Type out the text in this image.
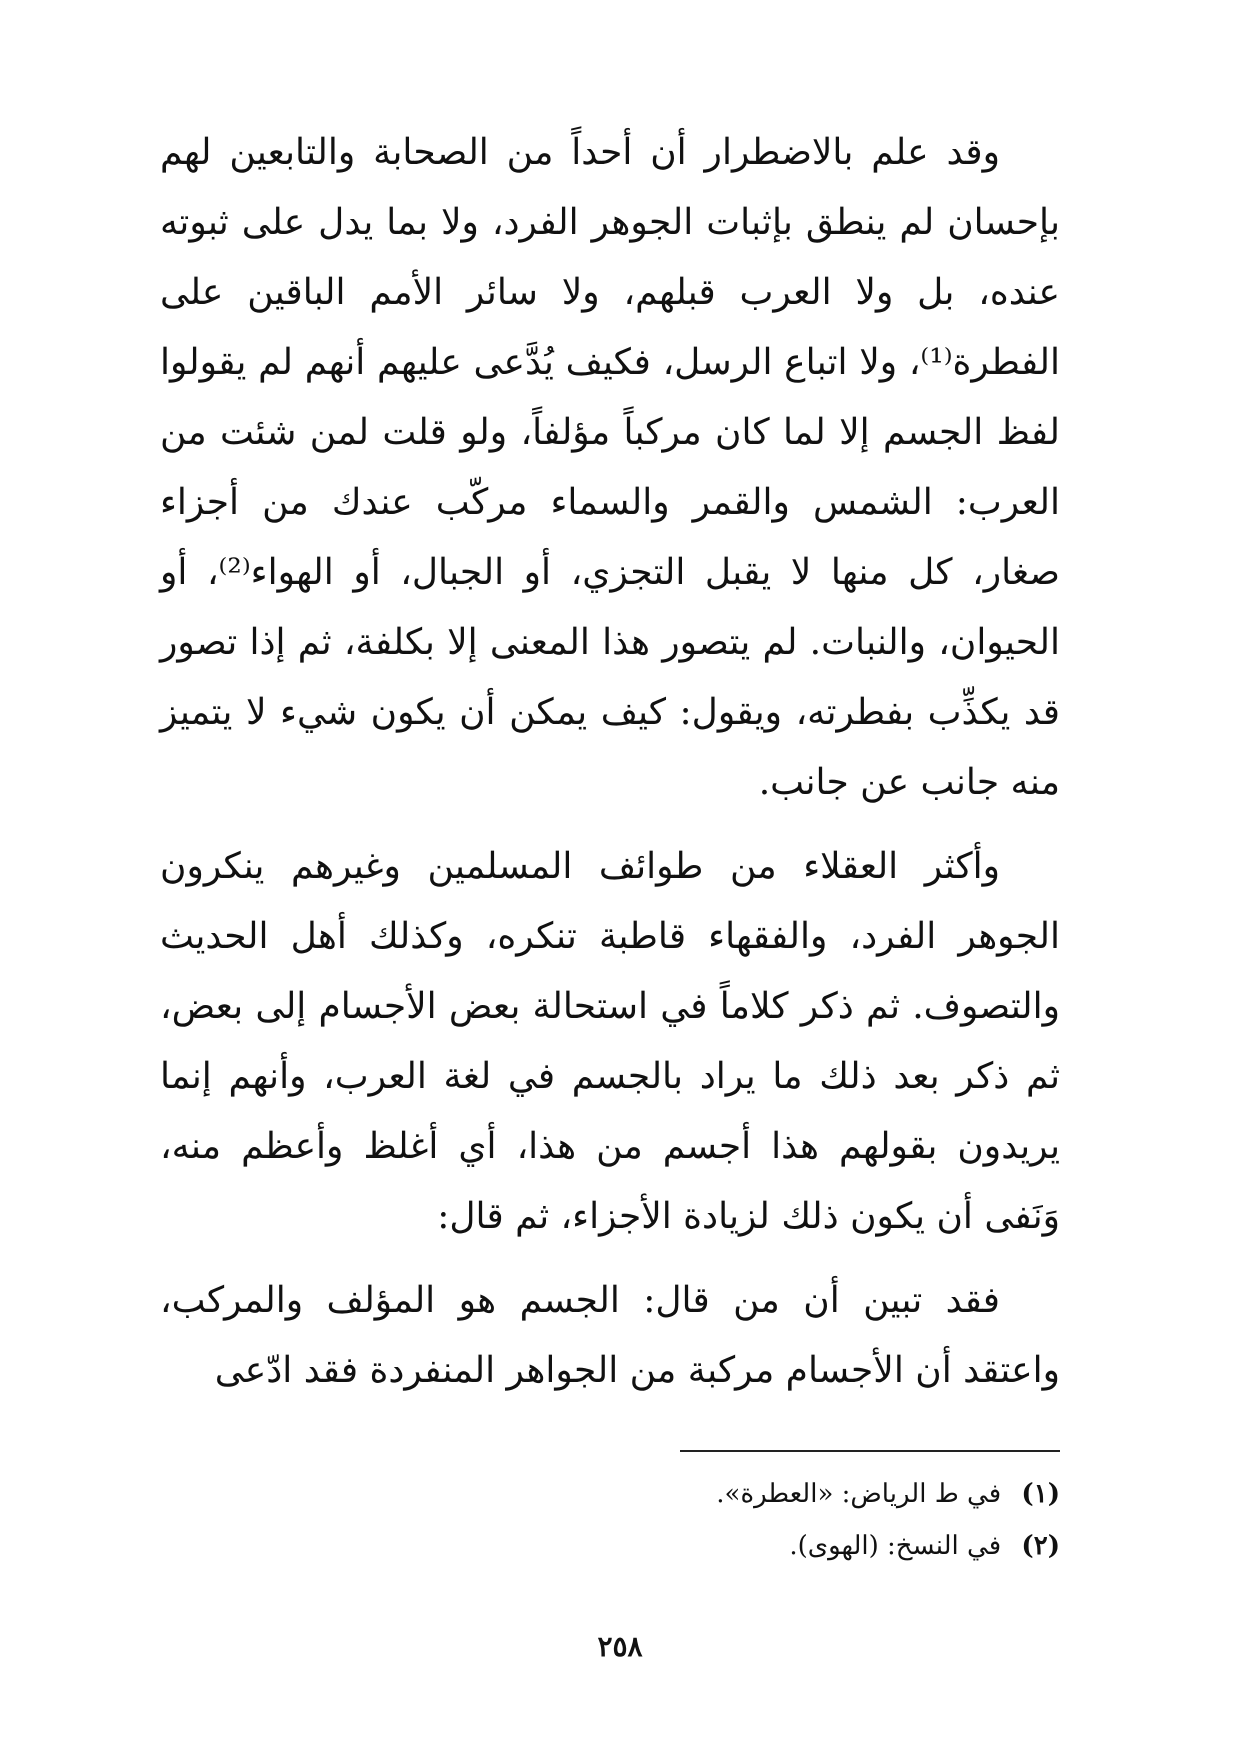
وقد علم بالاضطرار أن أحداً من الصحابة والتابعين لهم بإحسان لم ينطق بإثبات الجوهر الفرد، ولا بما يدل على ثبوته عنده، بل ولا العرب قبلهم، ولا سائر الأمم الباقين على الفطرة⁽¹⁾، ولا اتباع الرسل، فكيف يُدَّعى عليهم أنهم لم يقولوا لفظ الجسم إلا لما كان مركباً مؤلفاً، ولو قلت لمن شئت من العرب: الشمس والقمر والسماء مركّب عندك من أجزاء صغار، كل منها لا يقبل التجزي، أو الجبال، أو الهواء⁽²⁾، أو الحيوان، والنبات. لم يتصور هذا المعنى إلا بكلفة، ثم إذا تصور قد يكذِّب بفطرته، ويقول: كيف يمكن أن يكون شيء لا يتميز منه جانب عن جانب.

وأكثر العقلاء من طوائف المسلمين وغيرهم ينكرون الجوهر الفرد، والفقهاء قاطبة تنكره، وكذلك أهل الحديث والتصوف. ثم ذكر كلاماً في استحالة بعض الأجسام إلى بعض، ثم ذكر بعد ذلك ما يراد بالجسم في لغة العرب، وأنهم إنما يريدون بقولهم هذا أجسم من هذا، أي أغلظ وأعظم منه، وَنَفى أن يكون ذلك لزيادة الأجزاء، ثم قال:

فقد تبين أن من قال: الجسم هو المؤلف والمركب، واعتقد أن الأجسام مركبة من الجواهر المنفردة فقد ادّعى

(١) في ط الرياض: «العطرة».

(٢) في النسخ: (الهوى).

٢٥٨
